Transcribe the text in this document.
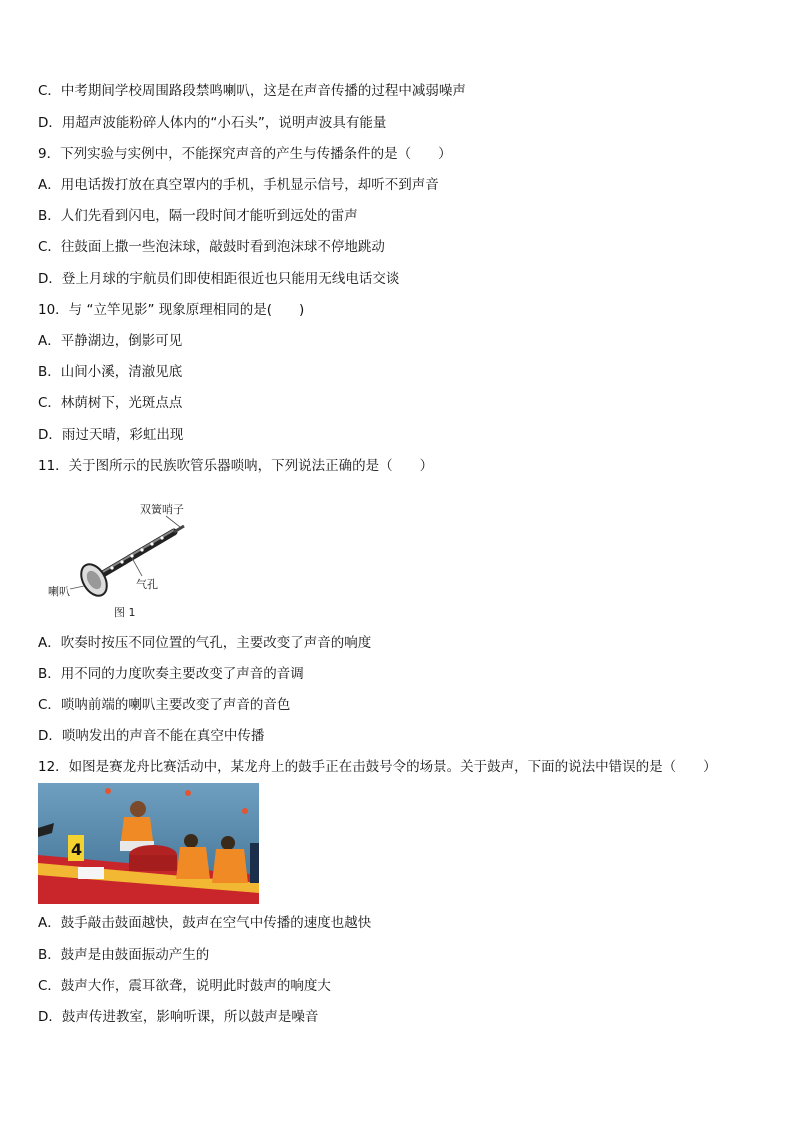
C．中考期间学校周围路段禁鸣喇叭，这是在声音传播的过程中减弱噪声
D．用超声波能粉碎人体内的“小石头”，说明声波具有能量
9．下列实验与实例中，不能探究声音的产生与传播条件的是（　　）
A．用电话拨打放在真空罩内的手机，手机显示信号，却听不到声音
B．人们先看到闪电，隔一段时间才能听到远处的雷声
C．往鼓面上撒一些泡沫球，敲鼓时看到泡沫球不停地跳动
D．登上月球的宇航员们即使相距很近也只能用无线电话交谈
10．与 “立竿见影” 现象原理相同的是(　　)
A．平静湖边，倒影可见
B．山间小溪，清澈见底
C．林荫树下，光斑点点
D．雨过天晴，彩虹出现
11．关于图所示的民族吹管乐器唢呐，下列说法正确的是（　　）
双簧哨子
气孔
喇叭
图 1
A．吹奏时按压不同位置的气孔，主要改变了声音的响度
B．用不同的力度吹奏主要改变了声音的音调
C．唢呐前端的喇叭主要改变了声音的音色
D．唢呐发出的声音不能在真空中传播
12．如图是赛龙舟比赛活动中，某龙舟上的鼓手正在击鼓号令的场景。关于鼓声，下面的说法中错误的是（　　）
4
A．鼓手敲击鼓面越快，鼓声在空气中传播的速度也越快
B．鼓声是由鼓面振动产生的
C．鼓声大作，震耳欲聋，说明此时鼓声的响度大
D．鼓声传进教室，影响听课，所以鼓声是噪音
